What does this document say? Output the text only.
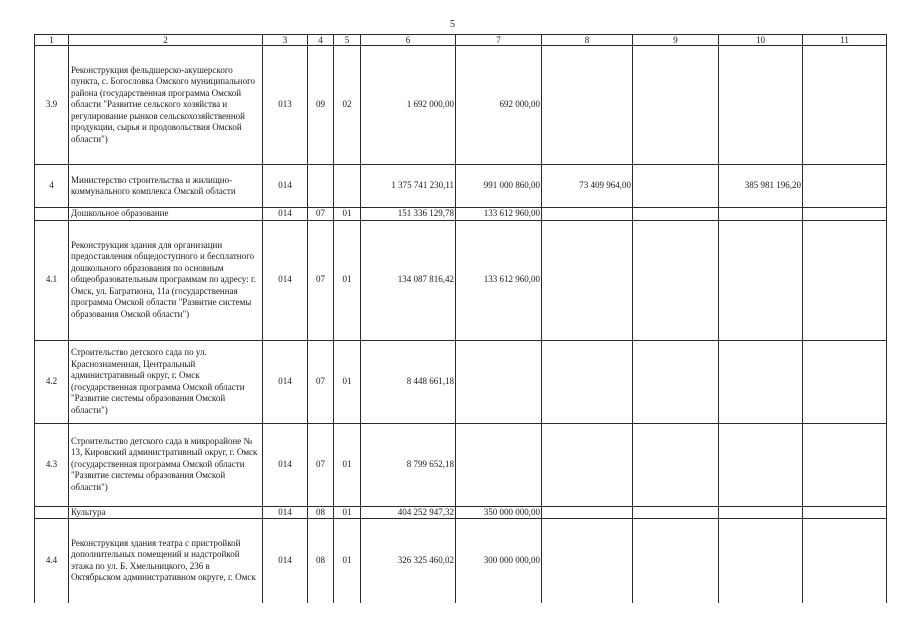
5
1	2	3	4	5	6	7	8	9	10	11
3.9	Реконструкция фельдшерско-акушерского пункта, с. Богословка Омского муниципального района (государственная программа Омской области "Развитие сельского хозяйства и регулирование рынков сельскохозяйственной продукции, сырья и продовольствия Омской области")	013	09	02	1 692 000,00	692 000,00				
4	Министерство строительства и жилищно-коммунального комплекса Омской области	014			1 375 741 230,11	991 000 860,00	73 409 964,00		385 981 196,20	
	Дошкольное образование	014	07	01	151 336 129,78	133 612 960,00				
4.1	Реконструкция здания для организации предоставления общедоступного и бесплатного дошкольного образования по основным общеобразовательным программам по адресу: г. Омск, ул. Багратиона, 11а (государственная программа Омской области "Развитие системы образования Омской области")	014	07	01	134 087 816,42	133 612 960,00				
4.2	Строительство детского сада по ул. Краснознаменная, Центральный административный округ, г. Омск (государственная программа Омской области "Развитие системы образования Омской области")	014	07	01	8 448 661,18					
4.3	Строительство детского сада в микрорайоне № 13, Кировский административный округ, г. Омск (государственная программа Омской области "Развитие системы образования Омской области")	014	07	01	8 799 652,18					
	Культура	014	08	01	404 252 947,32	350 000 000,00				
4.4	Реконструкция здания театра с пристройкой дополнительных помещений и надстройкой этажа по ул. Б. Хмельницкого, 236 в Октябрьском административном округе, г. Омск	014	08	01	326 325 460,02	300 000 000,00				
